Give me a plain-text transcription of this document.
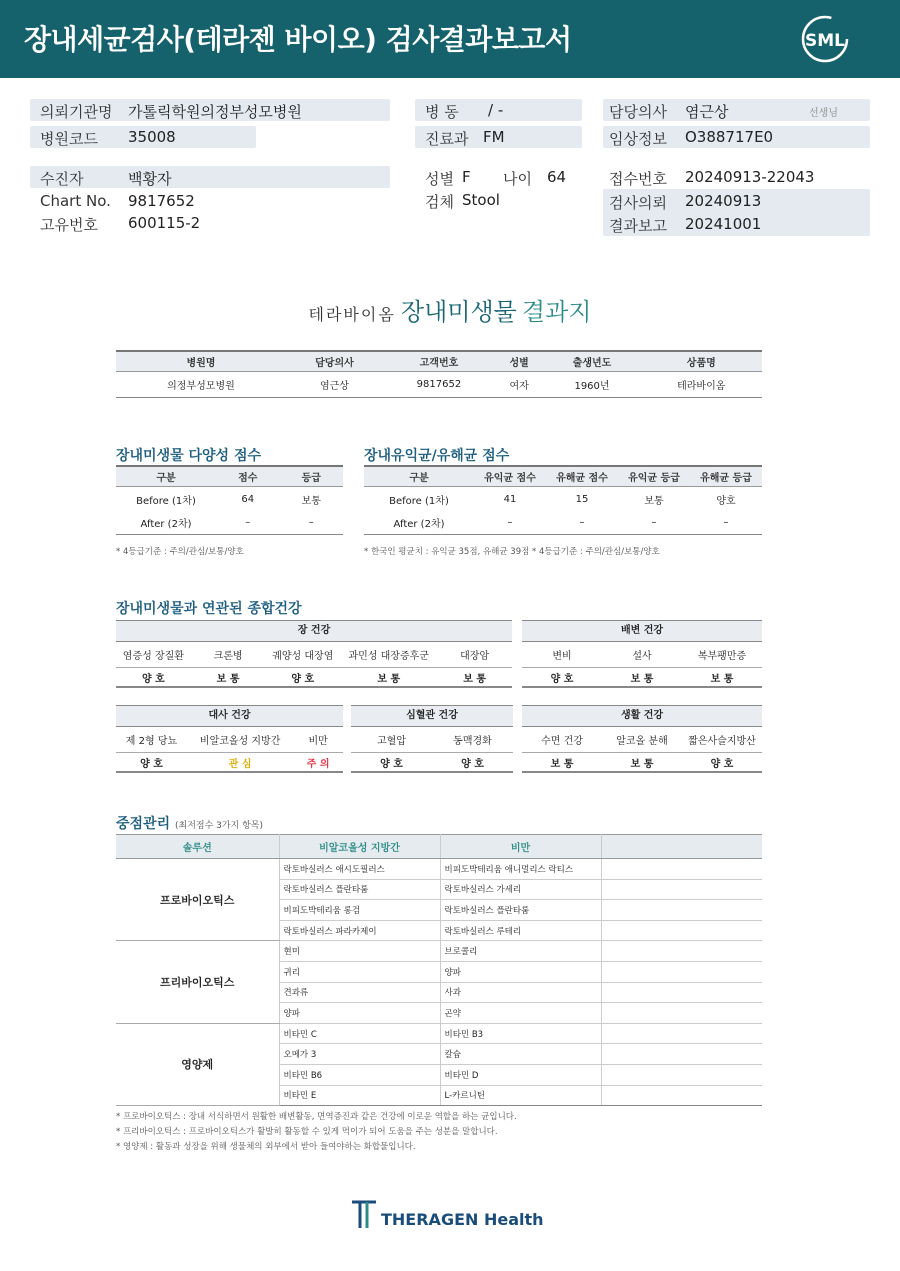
장내세균검사(테라젠 바이오) 검사결과보고서	SML
의뢰기관명 가톨릭학원의정부성모병원
병원코드 35008
수진자	백황자
Chart No. 9817652
고유번호 600115-2
병 동 / -
진료과 FM
성별 F 나이 64
검체 Stool
담당의사 염근상	선생님
임상정보 O388717E0
접수번호 20240913-22043
검사의뢰 20240913
결과보고 20241001
테라바이옴 장내미생물 결과지
병원명	담당의사	고객번호	성별	출생년도	상품명
의정부성모병원	염근상	9817652	여자	1960년	테라바이옴
장내미생물 다양성 점수
구분	점수	등급
Before (1차)	64	보통
After (2차)	–	–
* 4등급기준 : 주의/관심/보통/양호
장내유익균/유해균 점수
구분	유익균 점수	유해균 점수	유익균 등급	유해균 등급
Before (1차)	41	15	보통	양호
After (2차)	–	–	–	–
* 한국인 평균치 : 유익균 35점, 유해균 39점 * 4등급기준 : 주의/관심/보통/양호
장내미생물과 연관된 종합건강
장 건강
염증성 장질환	크론병	궤양성 대장염	과민성 대장증후군	대장암
양 호	보 통	양 호	보 통	보 통
배변 건강
변비	설사	복부팽만증
양 호	보 통	보 통
대사 건강
제 2형 당뇨	비알코올성 지방간	비만
양 호	관 심	주 의
심혈관 건강
고혈압	동맥경화
양 호	양 호
생활 건강
수면 건강	알코올 분해	짧은사슬지방산
보 통	보 통	양 호
중점관리 (최저점수 3가지 항목)
솔루션	비알코올성 지방간	비만	
프로바이오틱스	락토바실러스 애시도필러스	비피도박테리움 애니멀리스 락티스	
	락토바실러스 플란타룸	락토바실러스 가세리	
	비피도박테리움 롱검	락토바실러스 플란타룸	
	락토바실러스 파라카제이	락토바실러스 루테리	
프리바이오틱스	현미	브로콜리	
	귀리	양파	
	견과류	사과	
	양파	곤약	
영양제	비타민 C	비타민 B3	
	오메가 3	칼슘	
	비타민 B6	비타민 D	
	비타민 E	L-카르니틴	
* 프로바이오틱스 : 장내 서식하면서 원활한 배변활동, 면역증진과 같은 건강에 이로운 역할을 하는 균입니다.
* 프리바이오틱스 : 프로바이오틱스가 활발히 활동할 수 있게 먹이가 되어 도움을 주는 성분을 말합니다.
* 영양제 : 활동과 성장을 위해 생물체의 외부에서 받아 들여야하는 화합물입니다.
THERAGEN Health
